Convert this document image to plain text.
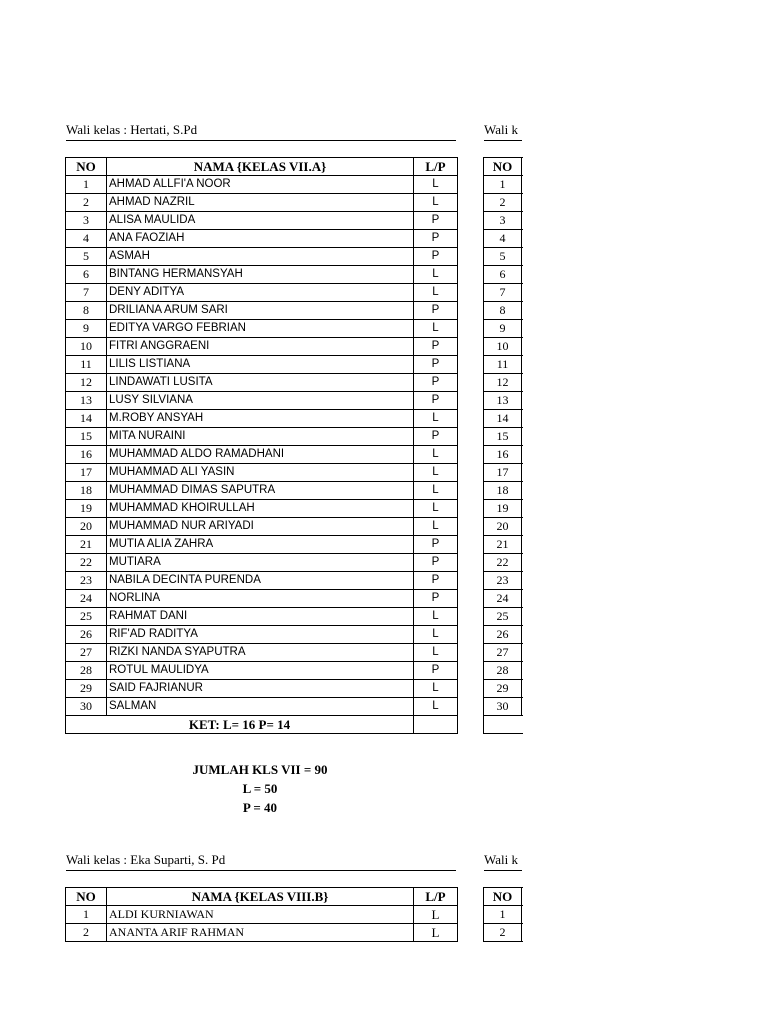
Wali kelas : Hertati, S.Pd	Wali k
NO	NAMA {KELAS VII.A}	L/P
1	AHMAD ALLFI'A NOOR	L
2	AHMAD NAZRIL	L
3	ALISA MAULIDA	P
4	ANA FAOZIAH	P
5	ASMAH	P
6	BINTANG HERMANSYAH	L
7	DENY ADITYA	L
8	DRILIANA ARUM SARI	P
9	EDITYA VARGO FEBRIAN	L
10	FITRI ANGGRAENI	P
11	LILIS LISTIANA	P
12	LINDAWATI LUSITA	P
13	LUSY SILVIANA	P
14	M.ROBY ANSYAH	L
15	MITA NURAINI	P
16	MUHAMMAD ALDO RAMADHANI	L
17	MUHAMMAD ALI YASIN	L
18	MUHAMMAD DIMAS SAPUTRA	L
19	MUHAMMAD KHOIRULLAH	L
20	MUHAMMAD NUR ARIYADI	L
21	MUTIA ALIA ZAHRA	P
22	MUTIARA	P
23	NABILA DECINTA PURENDA	P
24	NORLINA	P
25	RAHMAT DANI	L
26	RIF'AD RADITYA	L
27	RIZKI NANDA SYAPUTRA	L
28	ROTUL MAULIDYA	P
29	SAID FAJRIANUR	L
30	SALMAN	L
KET: L= 16 P= 14		
NO	
1	
2	
3	
4	
5	
6	
7	
8	
9	
10	
11	
12	
13	
14	
15	
16	
17	
18	
19	
20	
21	
22	
23	
24	
25	
26	
27	
28	
29	
30	

JUMLAH KLS VII = 90
L = 50
P = 40
Wali kelas : Eka Suparti, S. Pd	Wali k
NO	NAMA {KELAS VIII.B}	L/P
1	ALDI KURNIAWAN	L
2	ANANTA ARIF RAHMAN	L
NO	
1	
2	
